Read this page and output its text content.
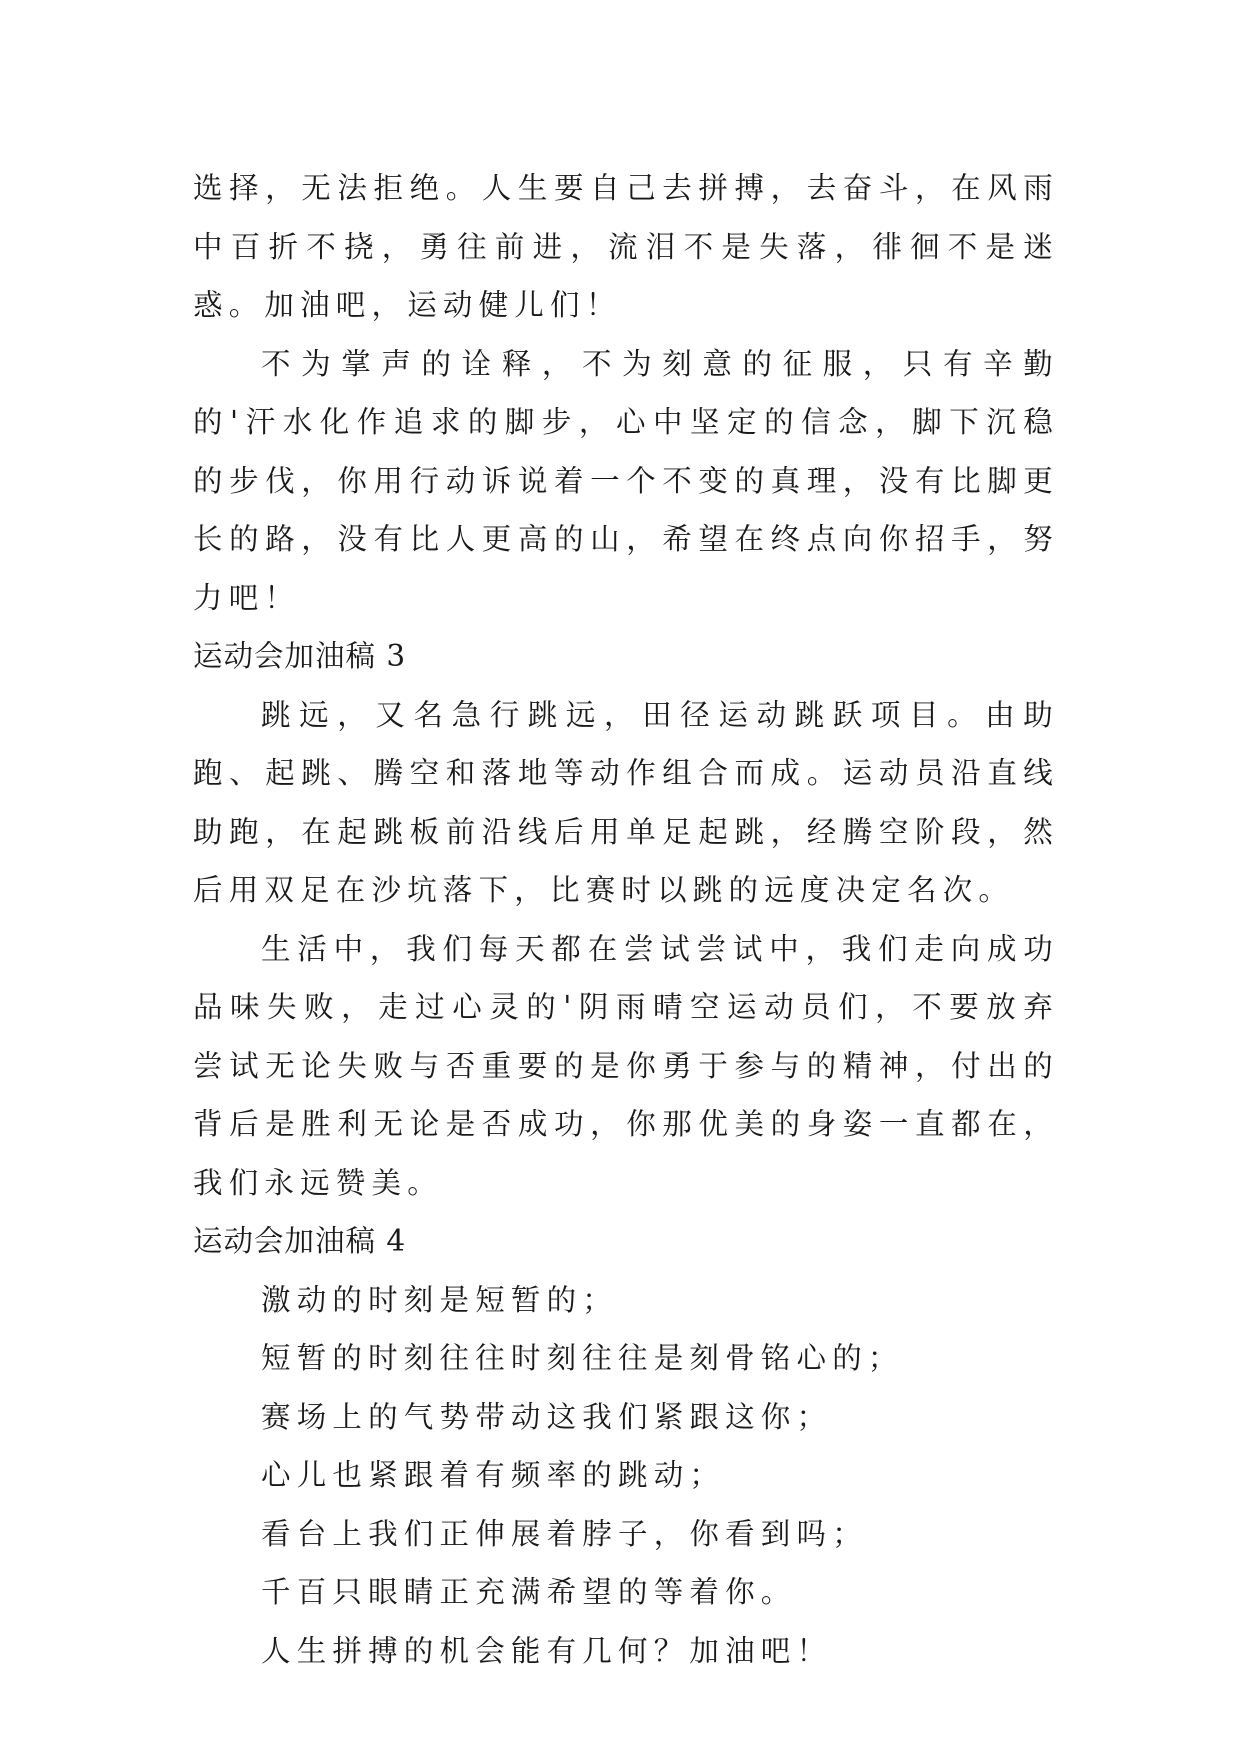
选择，无法拒绝。人生要自己去拼搏，去奋斗，在风雨中百折不挠，勇往前进，流泪不是失落，徘徊不是迷惑。加油吧，运动健儿们！

不为掌声的诠释，不为刻意的征服，只有辛勤的'汗水化作追求的脚步，心中坚定的信念，脚下沉稳的步伐，你用行动诉说着一个不变的真理，没有比脚更长的路，没有比人更高的山，希望在终点向你招手，努力吧！

运动会加油稿 3

跳远，又名急行跳远，田径运动跳跃项目。由助跑、起跳、腾空和落地等动作组合而成。运动员沿直线助跑，在起跳板前沿线后用单足起跳，经腾空阶段，然后用双足在沙坑落下，比赛时以跳的远度决定名次。

生活中，我们每天都在尝试尝试中，我们走向成功品味失败，走过心灵的'阴雨晴空运动员们，不要放弃尝试无论失败与否重要的是你勇于参与的精神，付出的背后是胜利无论是否成功，你那优美的身姿一直都在，我们永远赞美。

运动会加油稿 4

激动的时刻是短暂的；

短暂的时刻往往时刻往往是刻骨铭心的；

赛场上的气势带动这我们紧跟这你；

心儿也紧跟着有频率的跳动；

看台上我们正伸展着脖子，你看到吗；

千百只眼睛正充满希望的等着你。

人生拼搏的机会能有几何？加油吧！
